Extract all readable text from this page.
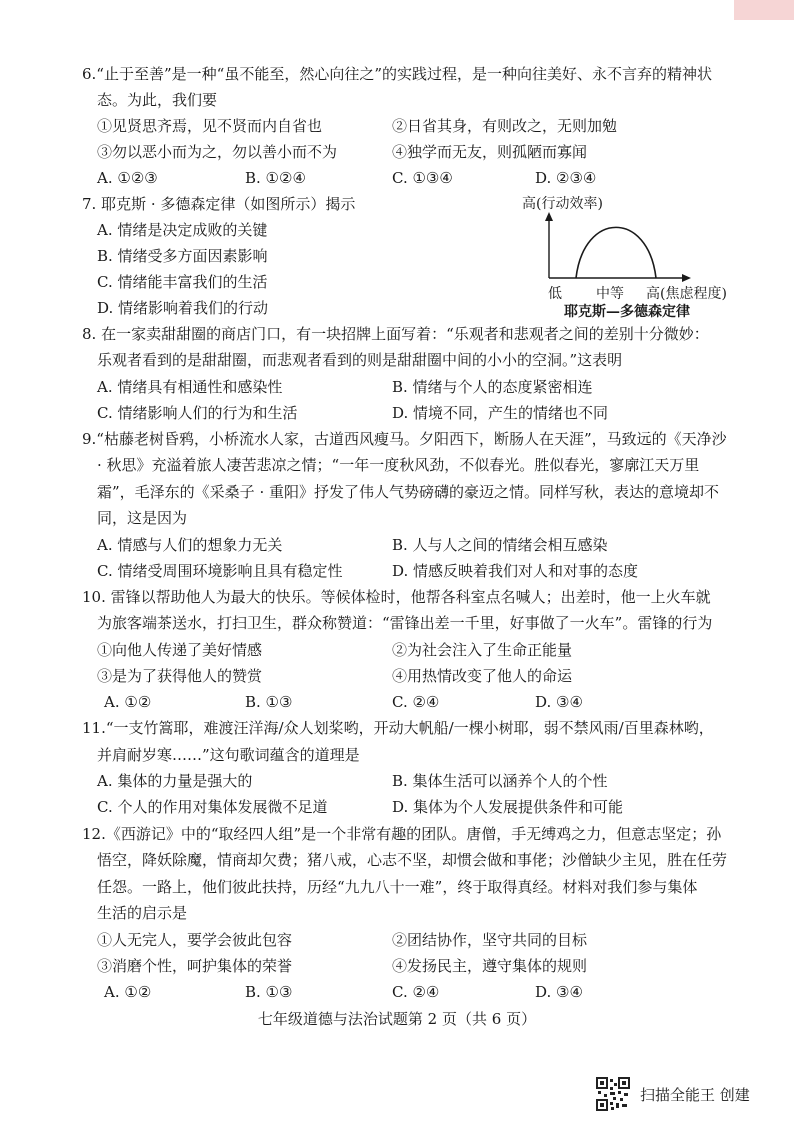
6.“止于至善”是一种“虽不能至，然心向往之”的实践过程，是一种向往美好、永不言弃的精神状
态。为此，我们要
①见贤思齐焉，见不贤而内自省也	②日省其身，有则改之，无则加勉
③勿以恶小而为之，勿以善小而不为	④独学而无友，则孤陋而寡闻
A. ①②③	B. ①②④	C. ①③④	D. ②③④
7. 耶克斯 · 多德森定律（如图所示）揭示
A. 情绪是决定成败的关键
B. 情绪受多方面因素影响
C. 情绪能丰富我们的生活
D. 情绪影响着我们的行动
高(行动效率)
低 中等 高(焦虑程度)
耶克斯—多德森定律
8. 在一家卖甜甜圈的商店门口，有一块招牌上面写着：“乐观者和悲观者之间的差别十分微妙：
乐观者看到的是甜甜圈，而悲观者看到的则是甜甜圈中间的小小的空洞。”这表明
A. 情绪具有相通性和感染性	B. 情绪与个人的态度紧密相连
C. 情绪影响人们的行为和生活	D. 情境不同，产生的情绪也不同
9.“枯藤老树昏鸦，小桥流水人家，古道西风瘦马。夕阳西下，断肠人在天涯”，马致远的《天净沙
· 秋思》充溢着旅人凄苦悲凉之情；“一年一度秋风劲，不似春光。胜似春光，寥廓江天万里
霜”，毛泽东的《采桑子 · 重阳》抒发了伟人气势磅礴的豪迈之情。同样写秋，表达的意境却不
同，这是因为
A. 情感与人们的想象力无关	B. 人与人之间的情绪会相互感染
C. 情绪受周围环境影响且具有稳定性	D. 情感反映着我们对人和对事的态度
10. 雷锋以帮助他人为最大的快乐。等候体检时，他帮各科室点名喊人；出差时，他一上火车就
为旅客端茶送水，打扫卫生，群众称赞道：“雷锋出差一千里，好事做了一火车”。雷锋的行为
①向他人传递了美好情感	②为社会注入了生命正能量
③是为了获得他人的赞赏	④用热情改变了他人的命运
A. ①②	B. ①③	C. ②④	D. ③④
11.“一支竹篙耶，难渡汪洋海/众人划桨哟，开动大帆船/一棵小树耶，弱不禁风雨/百里森林哟，
并肩耐岁寒……”这句歌词蕴含的道理是
A. 集体的力量是强大的	B. 集体生活可以涵养个人的个性
C. 个人的作用对集体发展微不足道	D. 集体为个人发展提供条件和可能
12.《西游记》中的“取经四人组”是一个非常有趣的团队。唐僧，手无缚鸡之力，但意志坚定；孙
悟空，降妖除魔，情商却欠费；猪八戒，心志不坚，却惯会做和事佬；沙僧缺少主见，胜在任劳
任怨。一路上，他们彼此扶持，历经“九九八十一难”，终于取得真经。材料对我们参与集体
生活的启示是
①人无完人，要学会彼此包容	②团结协作，坚守共同的目标
③消磨个性，呵护集体的荣誉	④发扬民主，遵守集体的规则
A. ①②	B. ①③	C. ②④	D. ③④
七年级道德与法治试题第 2 页（共 6 页）
扫描全能王 创建
